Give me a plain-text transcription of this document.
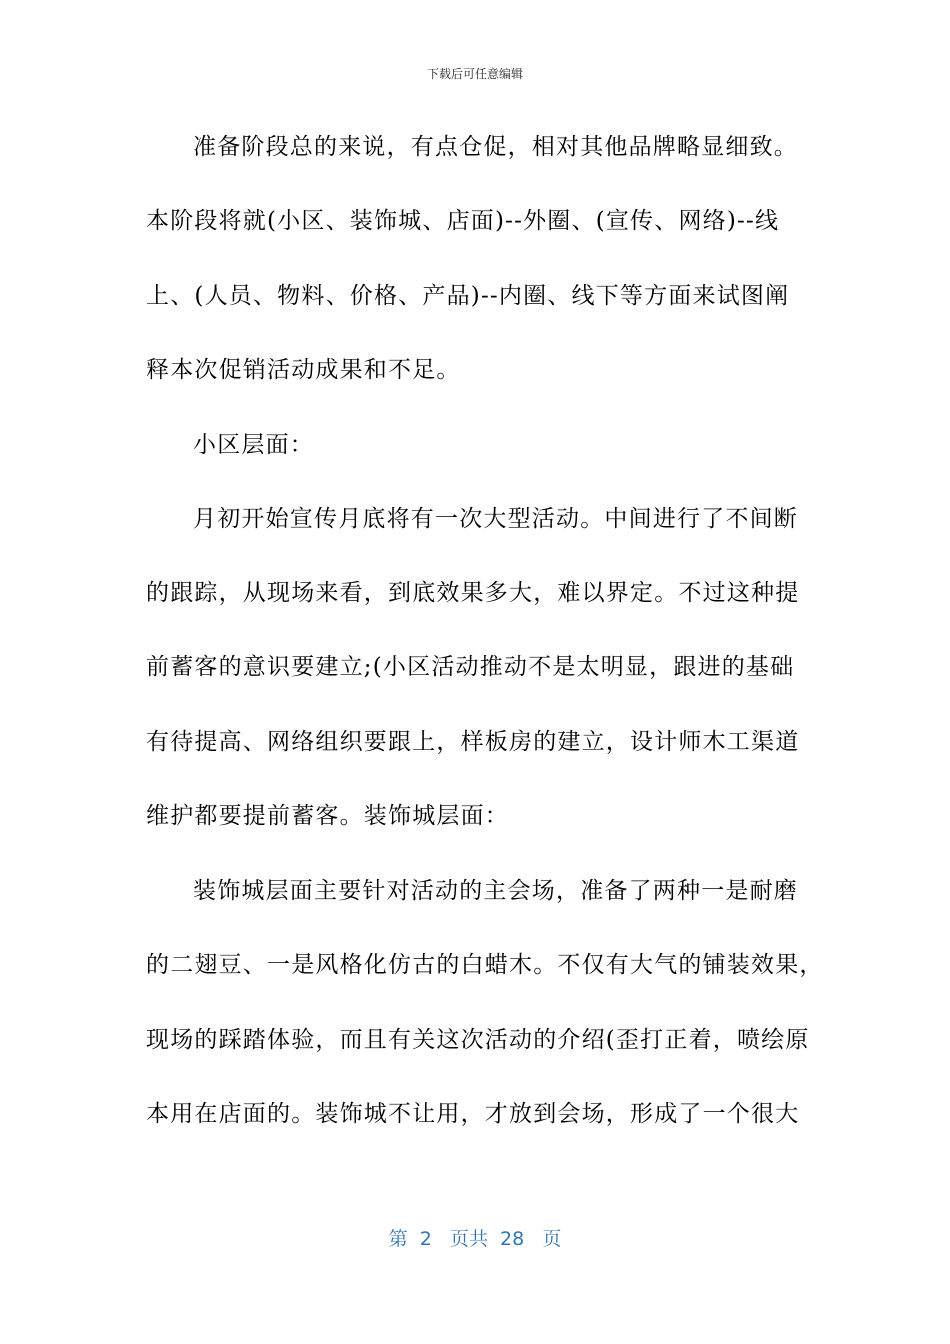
下载后可任意编辑
准备阶段总的来说，有点仓促，相对其他品牌略显细致。
本阶段将就(小区、装饰城、店面)--外圈、(宣传、网络)--线
上、(人员、物料、价格、产品)--内圈、线下等方面来试图阐
释本次促销活动成果和不足。
小区层面：
月初开始宣传月底将有一次大型活动。中间进行了不间断
的跟踪，从现场来看，到底效果多大，难以界定。不过这种提
前蓄客的意识要建立;(小区活动推动不是太明显，跟进的基础
有待提高、网络组织要跟上，样板房的建立，设计师木工渠道
维护都要提前蓄客。装饰城层面：
装饰城层面主要针对活动的主会场，准备了两种一是耐磨
的二翅豆、一是风格化仿古的白蜡木。不仅有大气的铺装效果，
现场的踩踏体验，而且有关这次活动的介绍(歪打正着，喷绘原
本用在店面的。装饰城不让用，才放到会场，形成了一个很大
第  2   页共  28   页
